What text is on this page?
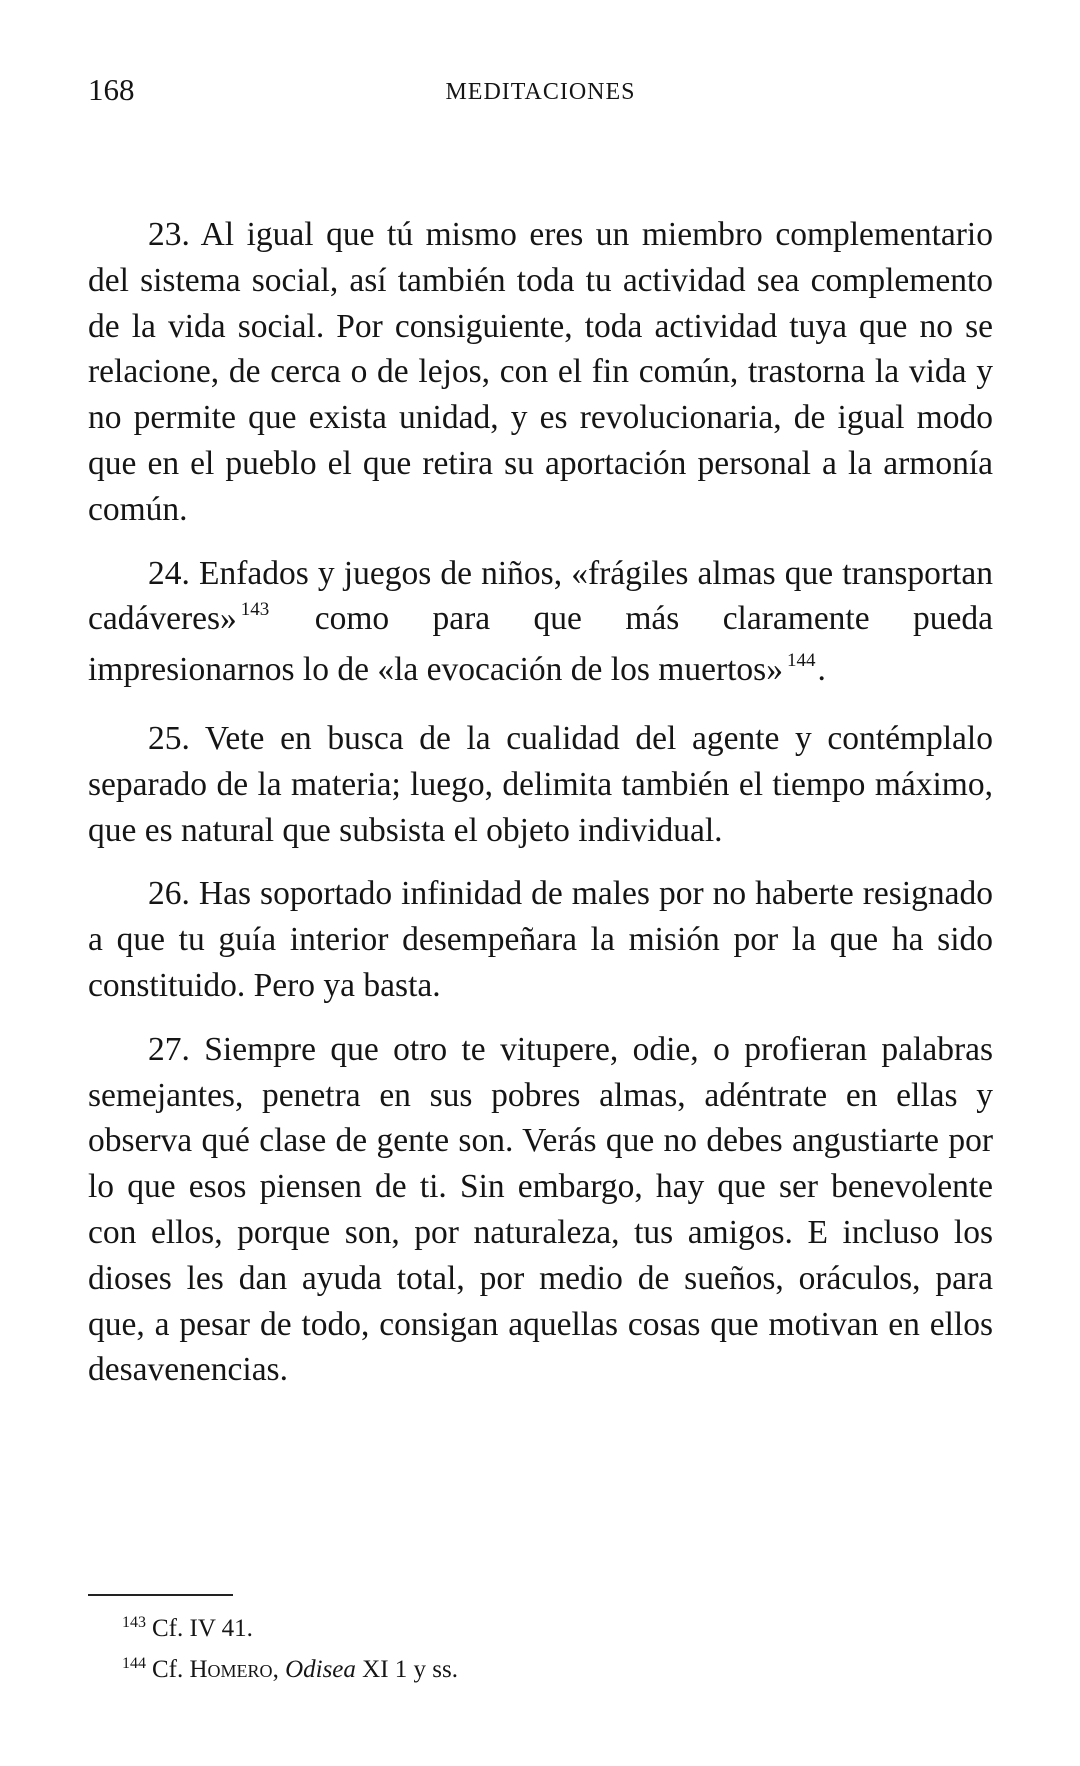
168	MEDITACIONES

23. Al igual que tú mismo eres un miembro complementario del sistema social, así también toda tu actividad sea complemento de la vida social. Por consiguiente, toda actividad tuya que no se relacione, de cerca o de lejos, con el fin común, trastorna la vida y no permite que exista unidad, y es revolucionaria, de igual modo que en el pueblo el que retira su aportación personal a la armonía común.

24. Enfados y juegos de niños, «frágiles almas que transportan cadáveres» $^{143}$ como para que más claramente pueda impresionarnos lo de «la evocación de los muertos» $^{144}$.

25. Vete en busca de la cualidad del agente y contémplalo separado de la materia; luego, delimita también el tiempo máximo, que es natural que subsista el objeto individual.

26. Has soportado infinidad de males por no haberte resignado a que tu guía interior desempeñara la misión por la que ha sido constituido. Pero ya basta.

27. Siempre que otro te vitupere, odie, o profieran palabras semejantes, penetra en sus pobres almas, adéntrate en ellas y observa qué clase de gente son. Verás que no debes angustiarte por lo que esos piensen de ti. Sin embargo, hay que ser benevolente con ellos, porque son, por naturaleza, tus amigos. E incluso los dioses les dan ayuda total, por medio de sueños, oráculos, para que, a pesar de todo, consigan aquellas cosas que motivan en ellos desavenencias.

$^{143}$ Cf. IV 41.
$^{144}$ Cf. Homero, Odisea XI 1 y ss.
